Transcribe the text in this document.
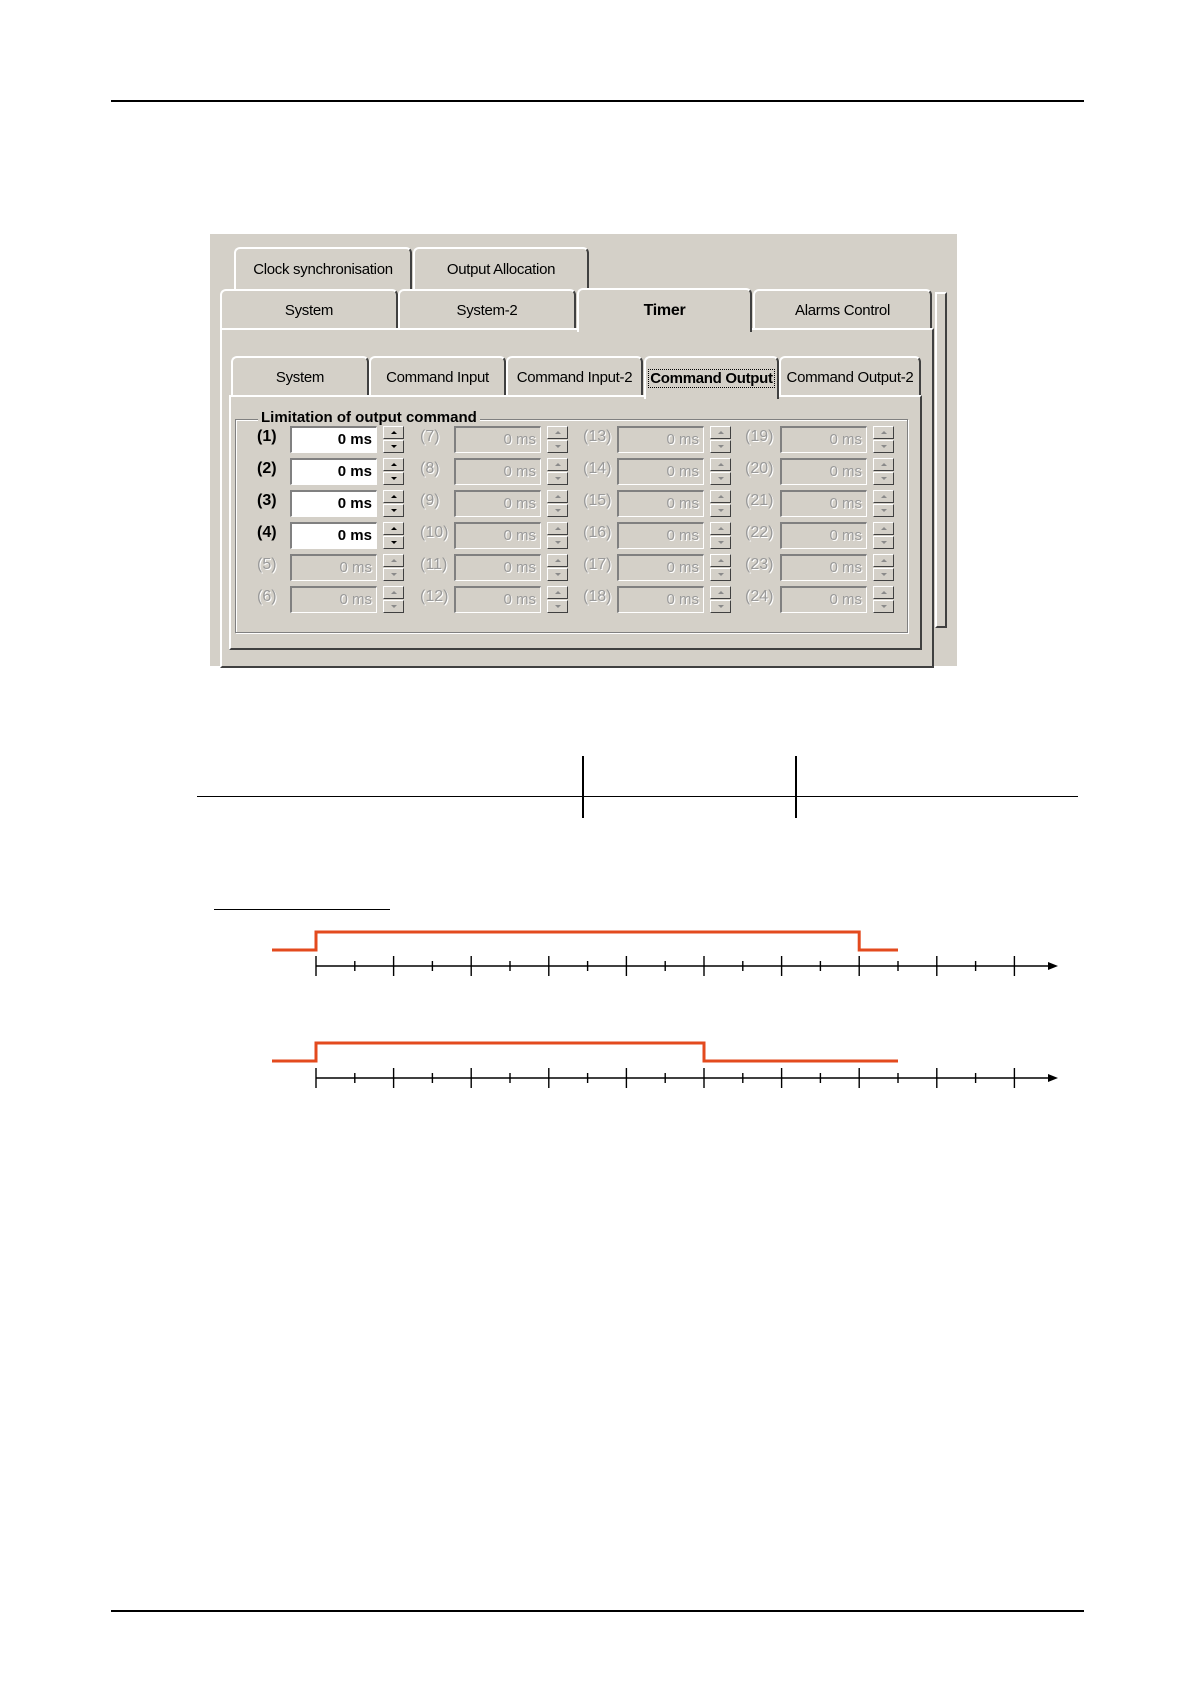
Clock synchronisation	Output Allocation
System	System-2	Timer	Alarms Control
System	Command Input Command Input-2 Command Output Command Output-2
Limitation of output command
(1)	0 ms
(2)	0 ms
(3)	0 ms
(4)	0 ms
(5)	0 ms
(6)	0 ms
(7)	0 ms
(8)	0 ms
(9)	0 ms
(10)	0 ms
(11)	0 ms
(12)	0 ms
(13)	0 ms
(14)	0 ms
(15)	0 ms
(16)	0 ms
(17)	0 ms
(18)	0 ms
(19)	0 ms
(20)	0 ms
(21)	0 ms
(22)	0 ms
(23)	0 ms
(24)	0 ms
